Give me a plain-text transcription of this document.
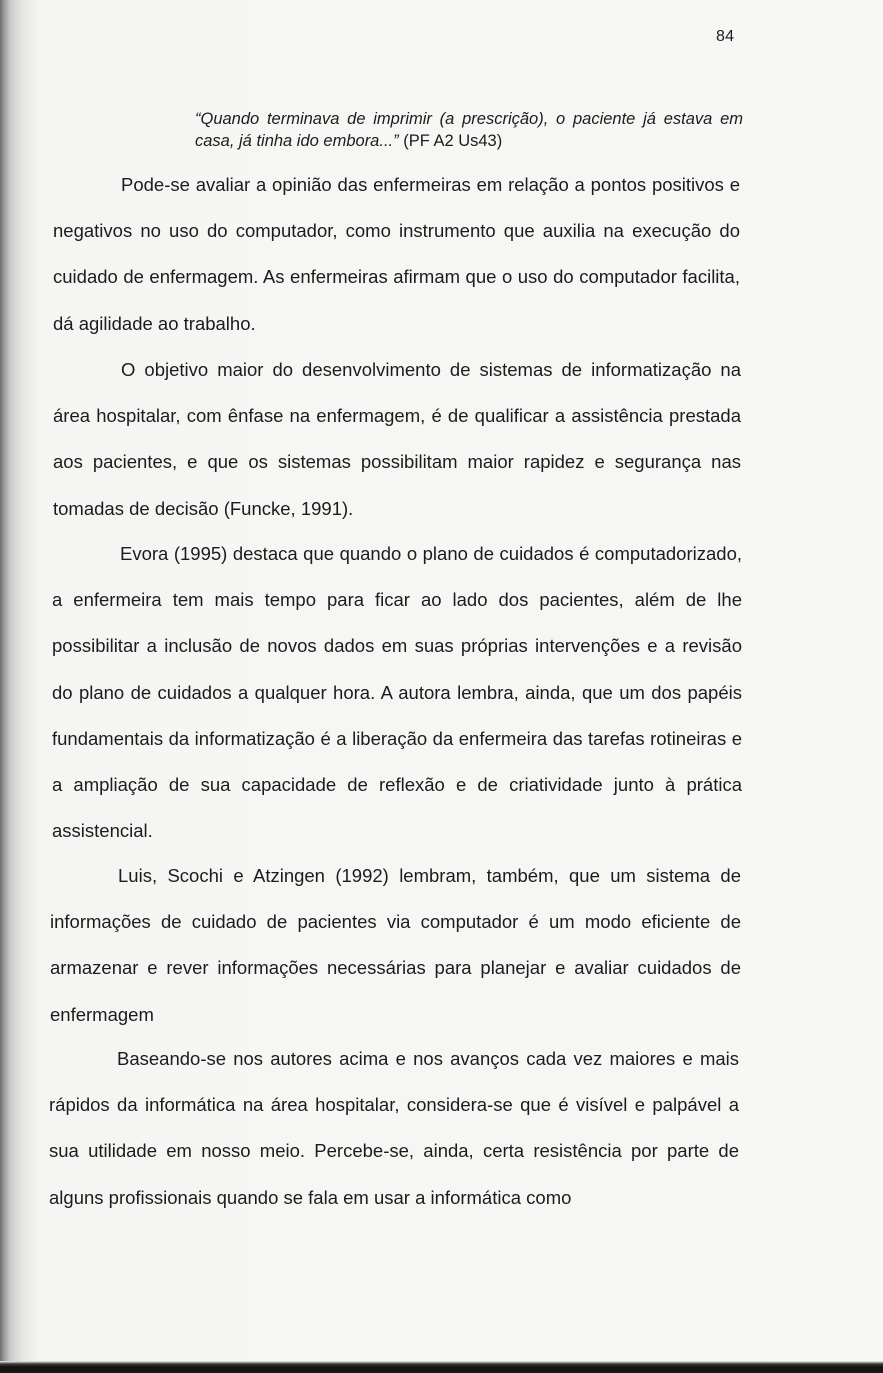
84
“Quando terminava de imprimir (a prescrição), o paciente já estava em casa, já tinha ido embora...” (PF A2 Us43)

Pode-se avaliar a opinião das enfermeiras em relação a pontos positivos e negativos no uso do computador, como instrumento que auxilia na execução do cuidado de enfermagem. As enfermeiras afirmam que o uso do computador facilita, dá agilidade ao trabalho.

O objetivo maior do desenvolvimento de sistemas de informatização na área hospitalar, com ênfase na enfermagem, é de qualificar a assistência prestada aos pacientes, e que os sistemas possibilitam maior rapidez e segurança nas tomadas de decisão (Funcke, 1991).

Evora (1995) destaca que quando o plano de cuidados é computadorizado, a enfermeira tem mais tempo para ficar ao lado dos pacientes, além de lhe possibilitar a inclusão de novos dados em suas próprias intervenções e a revisão do plano de cuidados a qualquer hora. A autora lembra, ainda, que um dos papéis fundamentais da informatização é a liberação da enfermeira das tarefas rotineiras e a ampliação de sua capacidade de reflexão e de criatividade junto à prática assistencial.

Luis, Scochi e Atzingen (1992) lembram, também, que um sistema de informações de cuidado de pacientes via computador é um modo eficiente de armazenar e rever informações necessárias para planejar e avaliar cuidados de enfermagem

Baseando-se nos autores acima e nos avanços cada vez maiores e mais rápidos da informática na área hospitalar, considera-se que é visível e palpável a sua utilidade em nosso meio. Percebe-se, ainda, certa resistência por parte de alguns profissionais quando se fala em usar a informática como
